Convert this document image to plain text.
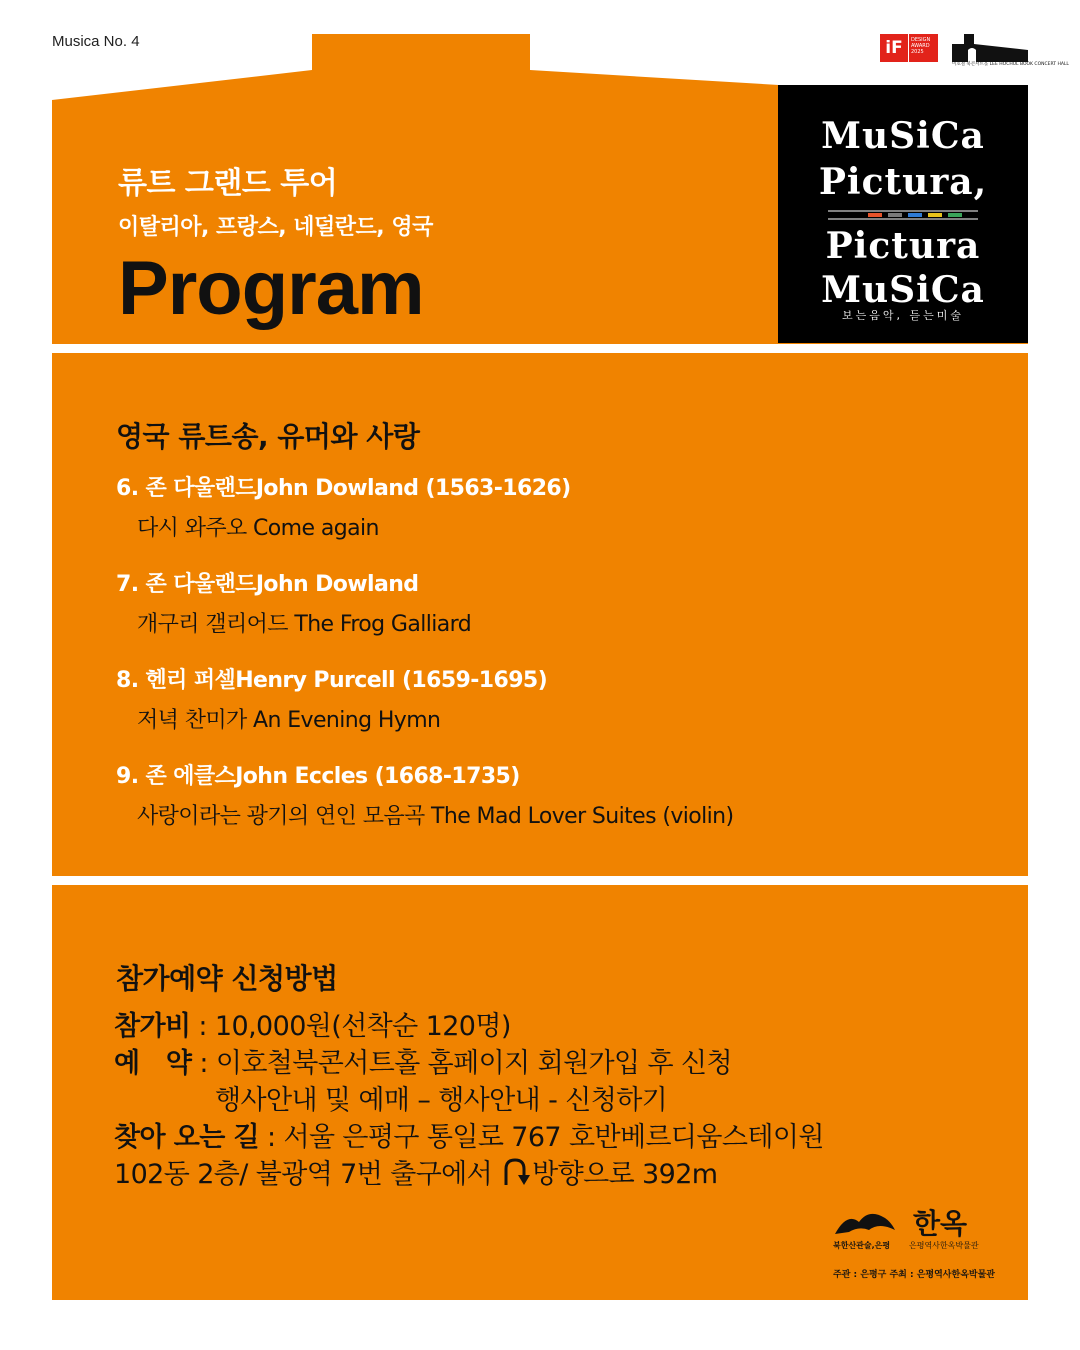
Musica No. 4	iF	DESIGN AWARD 2025
이호철 북콘서트홀 LEE HOCHUL BOOK CONCERT HALL
류트 그랜드 투어
이탈리아, 프랑스, 네덜란드, 영국
Program
MuSiCa
Pictura,
Pictura
MuSiCa
보는음악, 듣는미술
영국 류트송, 유머와 사랑
6. 존 다울랜드John Dowland (1563-1626)
다시 와주오 Come again
7. 존 다울랜드John Dowland
개구리 갤리어드 The Frog Galliard
8. 헨리 퍼셀Henry Purcell (1659-1695)
저녁 찬미가 An Evening Hymn
9. 존 에클스John Eccles (1668-1735)
사랑이라는 광기의 연인 모음곡 The Mad Lover Suites (violin)
참가예약 신청방법
참가비 : 10,000원(선착순 120명)
예　약 : 이호철북콘서트홀 홈페이지 회원가입 후 신청
행사안내 및 예매 – 행사안내 - 신청하기
찾아 오는 길 : 서울 은평구 통일로 767 호반베르디움스테이원
102동 2층/ 불광역 7번 출구에서 방향으로 392m
북한산관술,은평
한옥
은평역사한옥박물관
주관 : 은평구 주최 : 은평역사한옥박물관
